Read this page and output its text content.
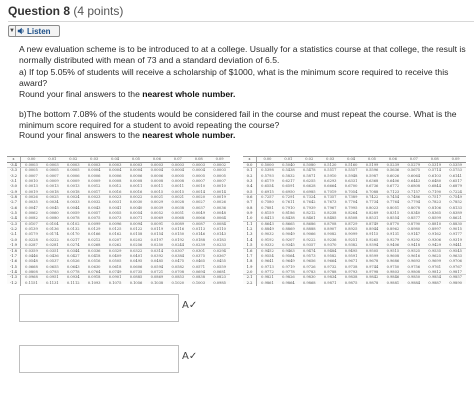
Question 8 (4 points)
▼ Listen
A new evaluation scheme is to be introduced to at a college. Usually for a statistics course at that college, the result is normally distributed with mean of 73 and a standard deviation of 6.5.
a) If top 5.05% of students will receive a scholarship of $1000, what is the minimum score required to receive this award?
Round your final answers to the nearest whole number.
b)The bottom 7.08% of the students would be considered fail in the course and must repeat the course. What is the minimum score required for a student to avoid repeating the course?
Round your final answers to the nearest whole number.
z	0.00	0.01	0.02	0.03	0.04	0.05	0.06	0.07	0.08	0.09
-3.4	0.0003	0.0003	0.0003	0.0003	0.0003	0.0003	0.0003	0.0003	0.0003	0.0002
-3.3	0.0005	0.0005	0.0005	0.0004	0.0004	0.0004	0.0004	0.0004	0.0004	0.0003
-3.2	0.0007	0.0007	0.0006	0.0006	0.0006	0.0006	0.0006	0.0005	0.0005	0.0005
-3.1	0.0010	0.0009	0.0009	0.0009	0.0008	0.0008	0.0008	0.0008	0.0007	0.0007
-3.0	0.0013	0.0013	0.0013	0.0012	0.0012	0.0011	0.0011	0.0011	0.0010	0.0010
-2.9	0.0019	0.0018	0.0018	0.0017	0.0016	0.0016	0.0015	0.0015	0.0014	0.0014
-2.8	0.0026	0.0025	0.0024	0.0023	0.0023	0.0022	0.0021	0.0021	0.0020	0.0019
-2.7	0.0035	0.0034	0.0033	0.0032	0.0031	0.0030	0.0029	0.0028	0.0027	0.0026
-2.6	0.0047	0.0045	0.0044	0.0043	0.0041	0.0040	0.0039	0.0038	0.0037	0.0036
-2.5	0.0062	0.0060	0.0059	0.0057	0.0055	0.0054	0.0052	0.0051	0.0049	0.0048
-2.4	0.0082	0.0080	0.0078	0.0075	0.0073	0.0071	0.0069	0.0068	0.0066	0.0064
-2.3	0.0107	0.0104	0.0102	0.0099	0.0096	0.0094	0.0091	0.0089	0.0087	0.0084
-2.2	0.0139	0.0136	0.0132	0.0129	0.0125	0.0122	0.0119	0.0116	0.0113	0.0110
-2.1	0.0179	0.0174	0.0170	0.0166	0.0162	0.0158	0.0154	0.0150	0.0146	0.0143
-2.0	0.0228	0.0222	0.0217	0.0212	0.0207	0.0202	0.0197	0.0192	0.0188	0.0183
-1.9	0.0287	0.0281	0.0274	0.0268	0.0262	0.0256	0.0250	0.0244	0.0239	0.0233
-1.8	0.0359	0.0351	0.0344	0.0336	0.0329	0.0322	0.0314	0.0307	0.0301	0.0294
-1.7	0.0446	0.0436	0.0427	0.0418	0.0409	0.0401	0.0392	0.0384	0.0375	0.0367
-1.6	0.0548	0.0537	0.0526	0.0516	0.0505	0.0495	0.0485	0.0475	0.0465	0.0455
-1.5	0.0668	0.0655	0.0643	0.0630	0.0618	0.0606	0.0594	0.0582	0.0571	0.0559
-1.4	0.0808	0.0793	0.0778	0.0764	0.0749	0.0735	0.0721	0.0708	0.0694	0.0681
-1.3	0.0968	0.0951	0.0934	0.0918	0.0901	0.0885	0.0869	0.0853	0.0838	0.0823
-1.2	0.1151	0.1131	0.1112	0.1093	0.1075	0.1056	0.1038	0.1020	0.1003	0.0985
z	0.00	0.01	0.02	0.03	0.04	0.05	0.06	0.07	0.08	0.09
0.0	0.5000	0.5040	0.5080	0.5120	0.5160	0.5199	0.5239	0.5279	0.5319	0.5359
0.1	0.5398	0.5438	0.5478	0.5517	0.5557	0.5596	0.5636	0.5675	0.5714	0.5753
0.2	0.5793	0.5832	0.5871	0.5910	0.5948	0.5987	0.6026	0.6064	0.6103	0.6141
0.3	0.6179	0.6217	0.6255	0.6293	0.6331	0.6368	0.6406	0.6443	0.6480	0.6517
0.4	0.6554	0.6591	0.6628	0.6664	0.6700	0.6736	0.6772	0.6808	0.6844	0.6879
0.5	0.6915	0.6950	0.6985	0.7019	0.7054	0.7088	0.7123	0.7157	0.7190	0.7224
0.6	0.7257	0.7291	0.7324	0.7357	0.7389	0.7422	0.7454	0.7486	0.7517	0.7549
0.7	0.7580	0.7611	0.7642	0.7673	0.7704	0.7734	0.7764	0.7794	0.7823	0.7852
0.8	0.7881	0.7910	0.7939	0.7967	0.7995	0.8023	0.8051	0.8078	0.8106	0.8133
0.9	0.8159	0.8186	0.8212	0.8238	0.8264	0.8289	0.8315	0.8340	0.8365	0.8389
1.0	0.8413	0.8438	0.8461	0.8485	0.8508	0.8531	0.8554	0.8577	0.8599	0.8621
1.1	0.8643	0.8665	0.8686	0.8708	0.8729	0.8749	0.8770	0.8790	0.8810	0.8830
1.2	0.8849	0.8869	0.8888	0.8907	0.8925	0.8944	0.8962	0.8980	0.8997	0.9015
1.3	0.9032	0.9049	0.9066	0.9082	0.9099	0.9115	0.9131	0.9147	0.9162	0.9177
1.4	0.9192	0.9207	0.9222	0.9236	0.9251	0.9265	0.9279	0.9292	0.9306	0.9319
1.5	0.9332	0.9345	0.9357	0.9370	0.9382	0.9394	0.9406	0.9418	0.9429	0.9441
1.6	0.9452	0.9463	0.9474	0.9484	0.9495	0.9505	0.9515	0.9525	0.9535	0.9545
1.7	0.9554	0.9564	0.9573	0.9582	0.9591	0.9599	0.9608	0.9616	0.9625	0.9633
1.8	0.9641	0.9649	0.9656	0.9664	0.9671	0.9678	0.9686	0.9693	0.9699	0.9706
1.9	0.9713	0.9719	0.9726	0.9732	0.9738	0.9744	0.9750	0.9756	0.9761	0.9767
2.0	0.9772	0.9778	0.9783	0.9788	0.9793	0.9798	0.9803	0.9808	0.9812	0.9817
2.1	0.9821	0.9826	0.9830	0.9834	0.9838	0.9842	0.9846	0.9850	0.9854	0.9857
2.2	0.9861	0.9864	0.9868	0.9871	0.9875	0.9878	0.9881	0.9884	0.9887	0.9890
A✓
A✓
